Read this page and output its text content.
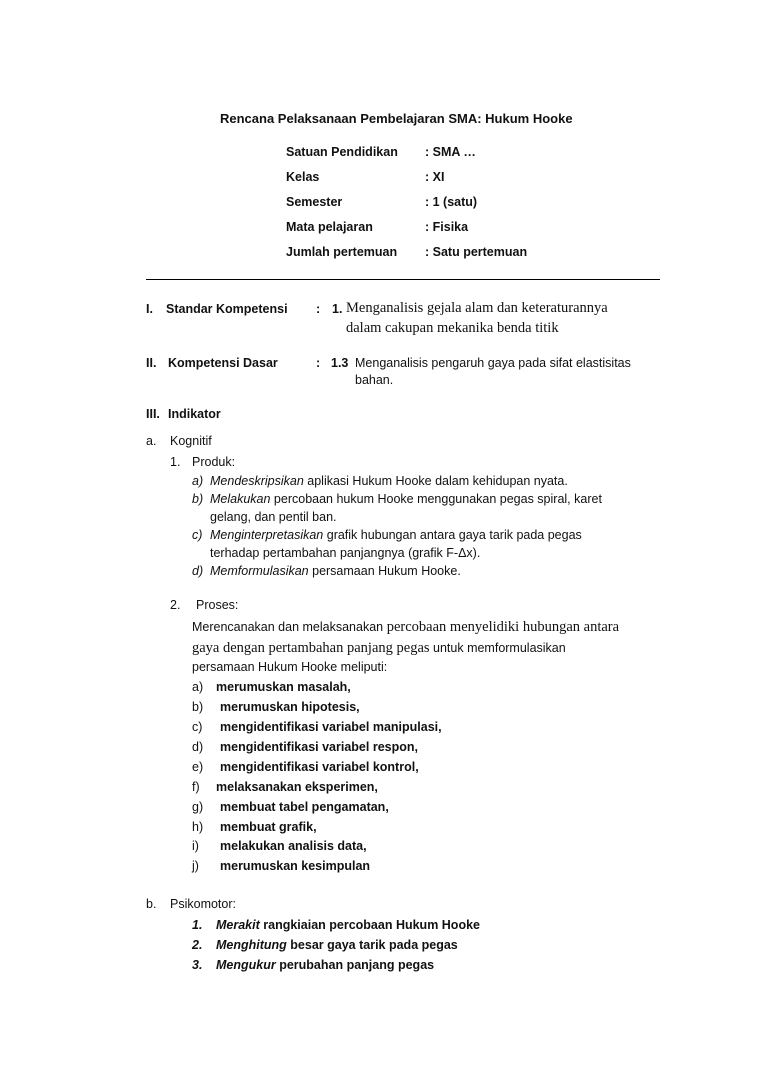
Rencana Pelaksanaan Pembelajaran SMA: Hukum Hooke
Satuan Pendidikan : SMA …
Kelas	: XI
Semester	: 1 (satu)
Mata pelajaran	: Fisika
Jumlah pertemuan : Satu pertemuan
I. Standar Kompetensi : 1. Menganalisis gejala alam dan keteraturannya
dalam cakupan mekanika benda titik
II. Kompetensi Dasar	: 1.3 Menganalisis pengaruh gaya pada sifat elastisitas
bahan.
III. Indikator
a. Kognitif
1. Produk:
a) Mendeskripsikan aplikasi Hukum Hooke dalam kehidupan nyata.
b) Melakukan percobaan hukum Hooke menggunakan pegas spiral, karet
gelang, dan pentil ban.
c) Menginterpretasikan grafik hubungan antara gaya tarik pada pegas
terhadap pertambahan panjangnya (grafik F-Δx).
d) Memformulasikan persamaan Hukum Hooke.
2. Proses:
Merencanakan dan melaksanakan percobaan menyelidiki hubungan antara
gaya dengan pertambahan panjang pegas untuk memformulasikan
persamaan Hukum Hooke meliputi:
a) merumuskan masalah,
b) merumuskan hipotesis,
c) mengidentifikasi variabel manipulasi,
d) mengidentifikasi variabel respon,
e) mengidentifikasi variabel kontrol,
f) melaksanakan eksperimen,
g) membuat tabel pengamatan,
h) membuat grafik,
i) melakukan analisis data,
j) merumuskan kesimpulan
b. Psikomotor:
1. Merakit rangkiaian percobaan Hukum Hooke
2. Menghitung besar gaya tarik pada pegas
3. Mengukur perubahan panjang pegas
